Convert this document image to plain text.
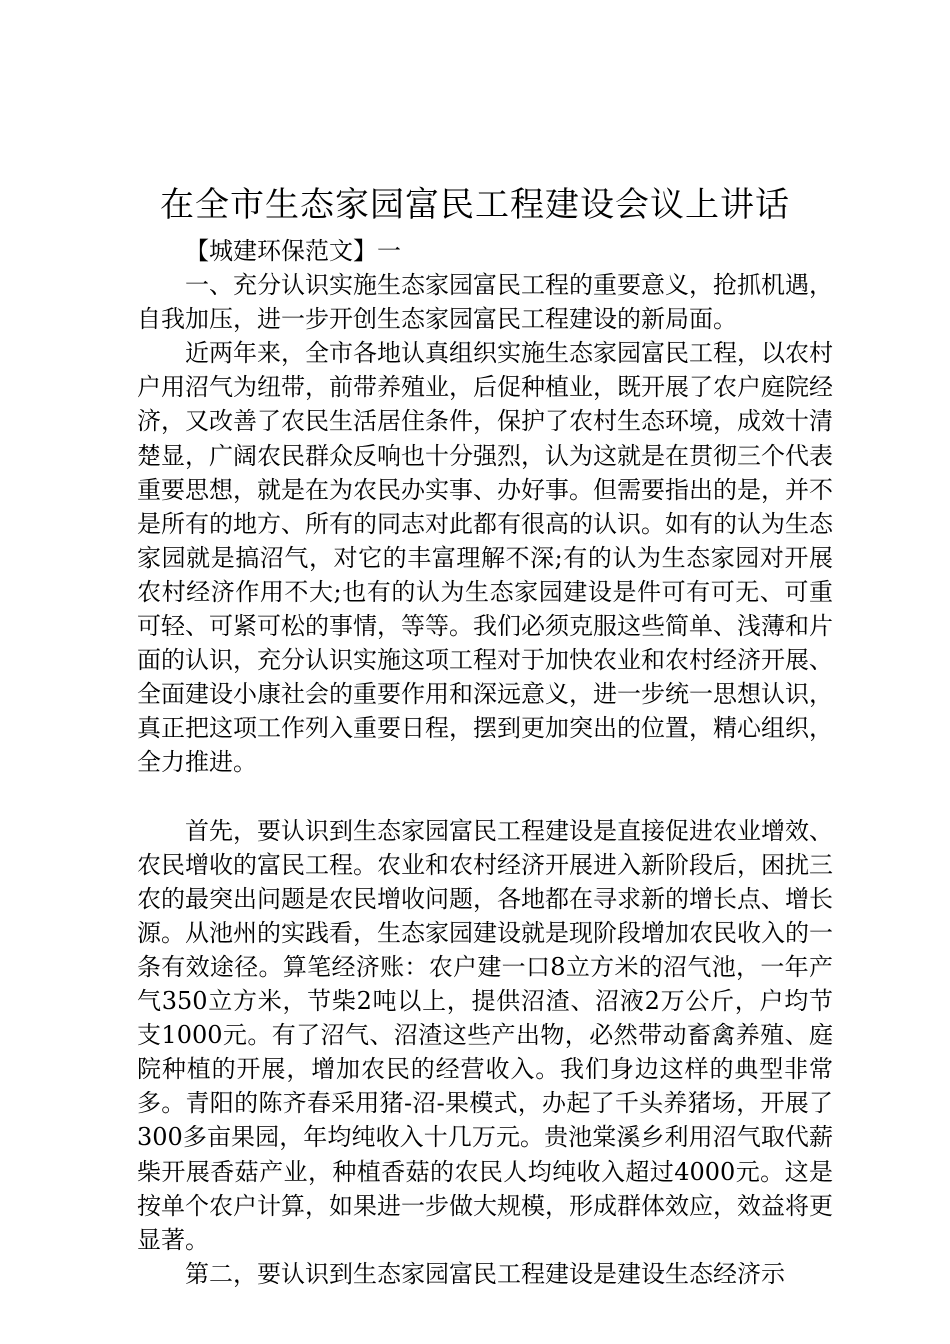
在全市生态家园富民工程建设会议上讲话

【城建环保范文】一

一、充分认识实施生态家园富民工程的重要意义，抢抓机遇，自我加压，进一步开创生态家园富民工程建设的新局面。

近两年来，全市各地认真组织实施生态家园富民工程，以农村户用沼气为纽带，前带养殖业，后促种植业，既开展了农户庭院经济，又改善了农民生活居住条件，保护了农村生态环境，成效十清楚显，广阔农民群众反响也十分强烈，认为这就是在贯彻三个代表重要思想，就是在为农民办实事、办好事。但需要指出的是，并不是所有的地方、所有的同志对此都有很高的认识。如有的认为生态家园就是搞沼气，对它的丰富理解不深;有的认为生态家园对开展农村经济作用不大;也有的认为生态家园建设是件可有可无、可重可轻、可紧可松的事情，等等。我们必须克服这些简单、浅薄和片面的认识，充分认识实施这项工程对于加快农业和农村经济开展、全面建设小康社会的重要作用和深远意义，进一步统一思想认识，真正把这项工作列入重要日程，摆到更加突出的位置，精心组织，全力推进。

首先，要认识到生态家园富民工程建设是直接促进农业增效、农民增收的富民工程。农业和农村经济开展进入新阶段后，困扰三农的最突出问题是农民增收问题，各地都在寻求新的增长点、增长源。从池州的实践看，生态家园建设就是现阶段增加农民收入的一条有效途径。算笔经济账：农户建一口8立方米的沼气池，一年产气350立方米，节柴2吨以上，提供沼渣、沼液2万公斤，户均节支1000元。有了沼气、沼渣这些产出物，必然带动畜禽养殖、庭院种植的开展，增加农民的经营收入。我们身边这样的典型非常多。青阳的陈齐春采用猪-沼-果模式，办起了千头养猪场，开展了300多亩果园，年均纯收入十几万元。贵池棠溪乡利用沼气取代薪柴开展香菇产业，种植香菇的农民人均纯收入超过4000元。这是按单个农户计算，如果进一步做大规模，形成群体效应，效益将更显著。

第二，要认识到生态家园富民工程建设是建设生态经济示
